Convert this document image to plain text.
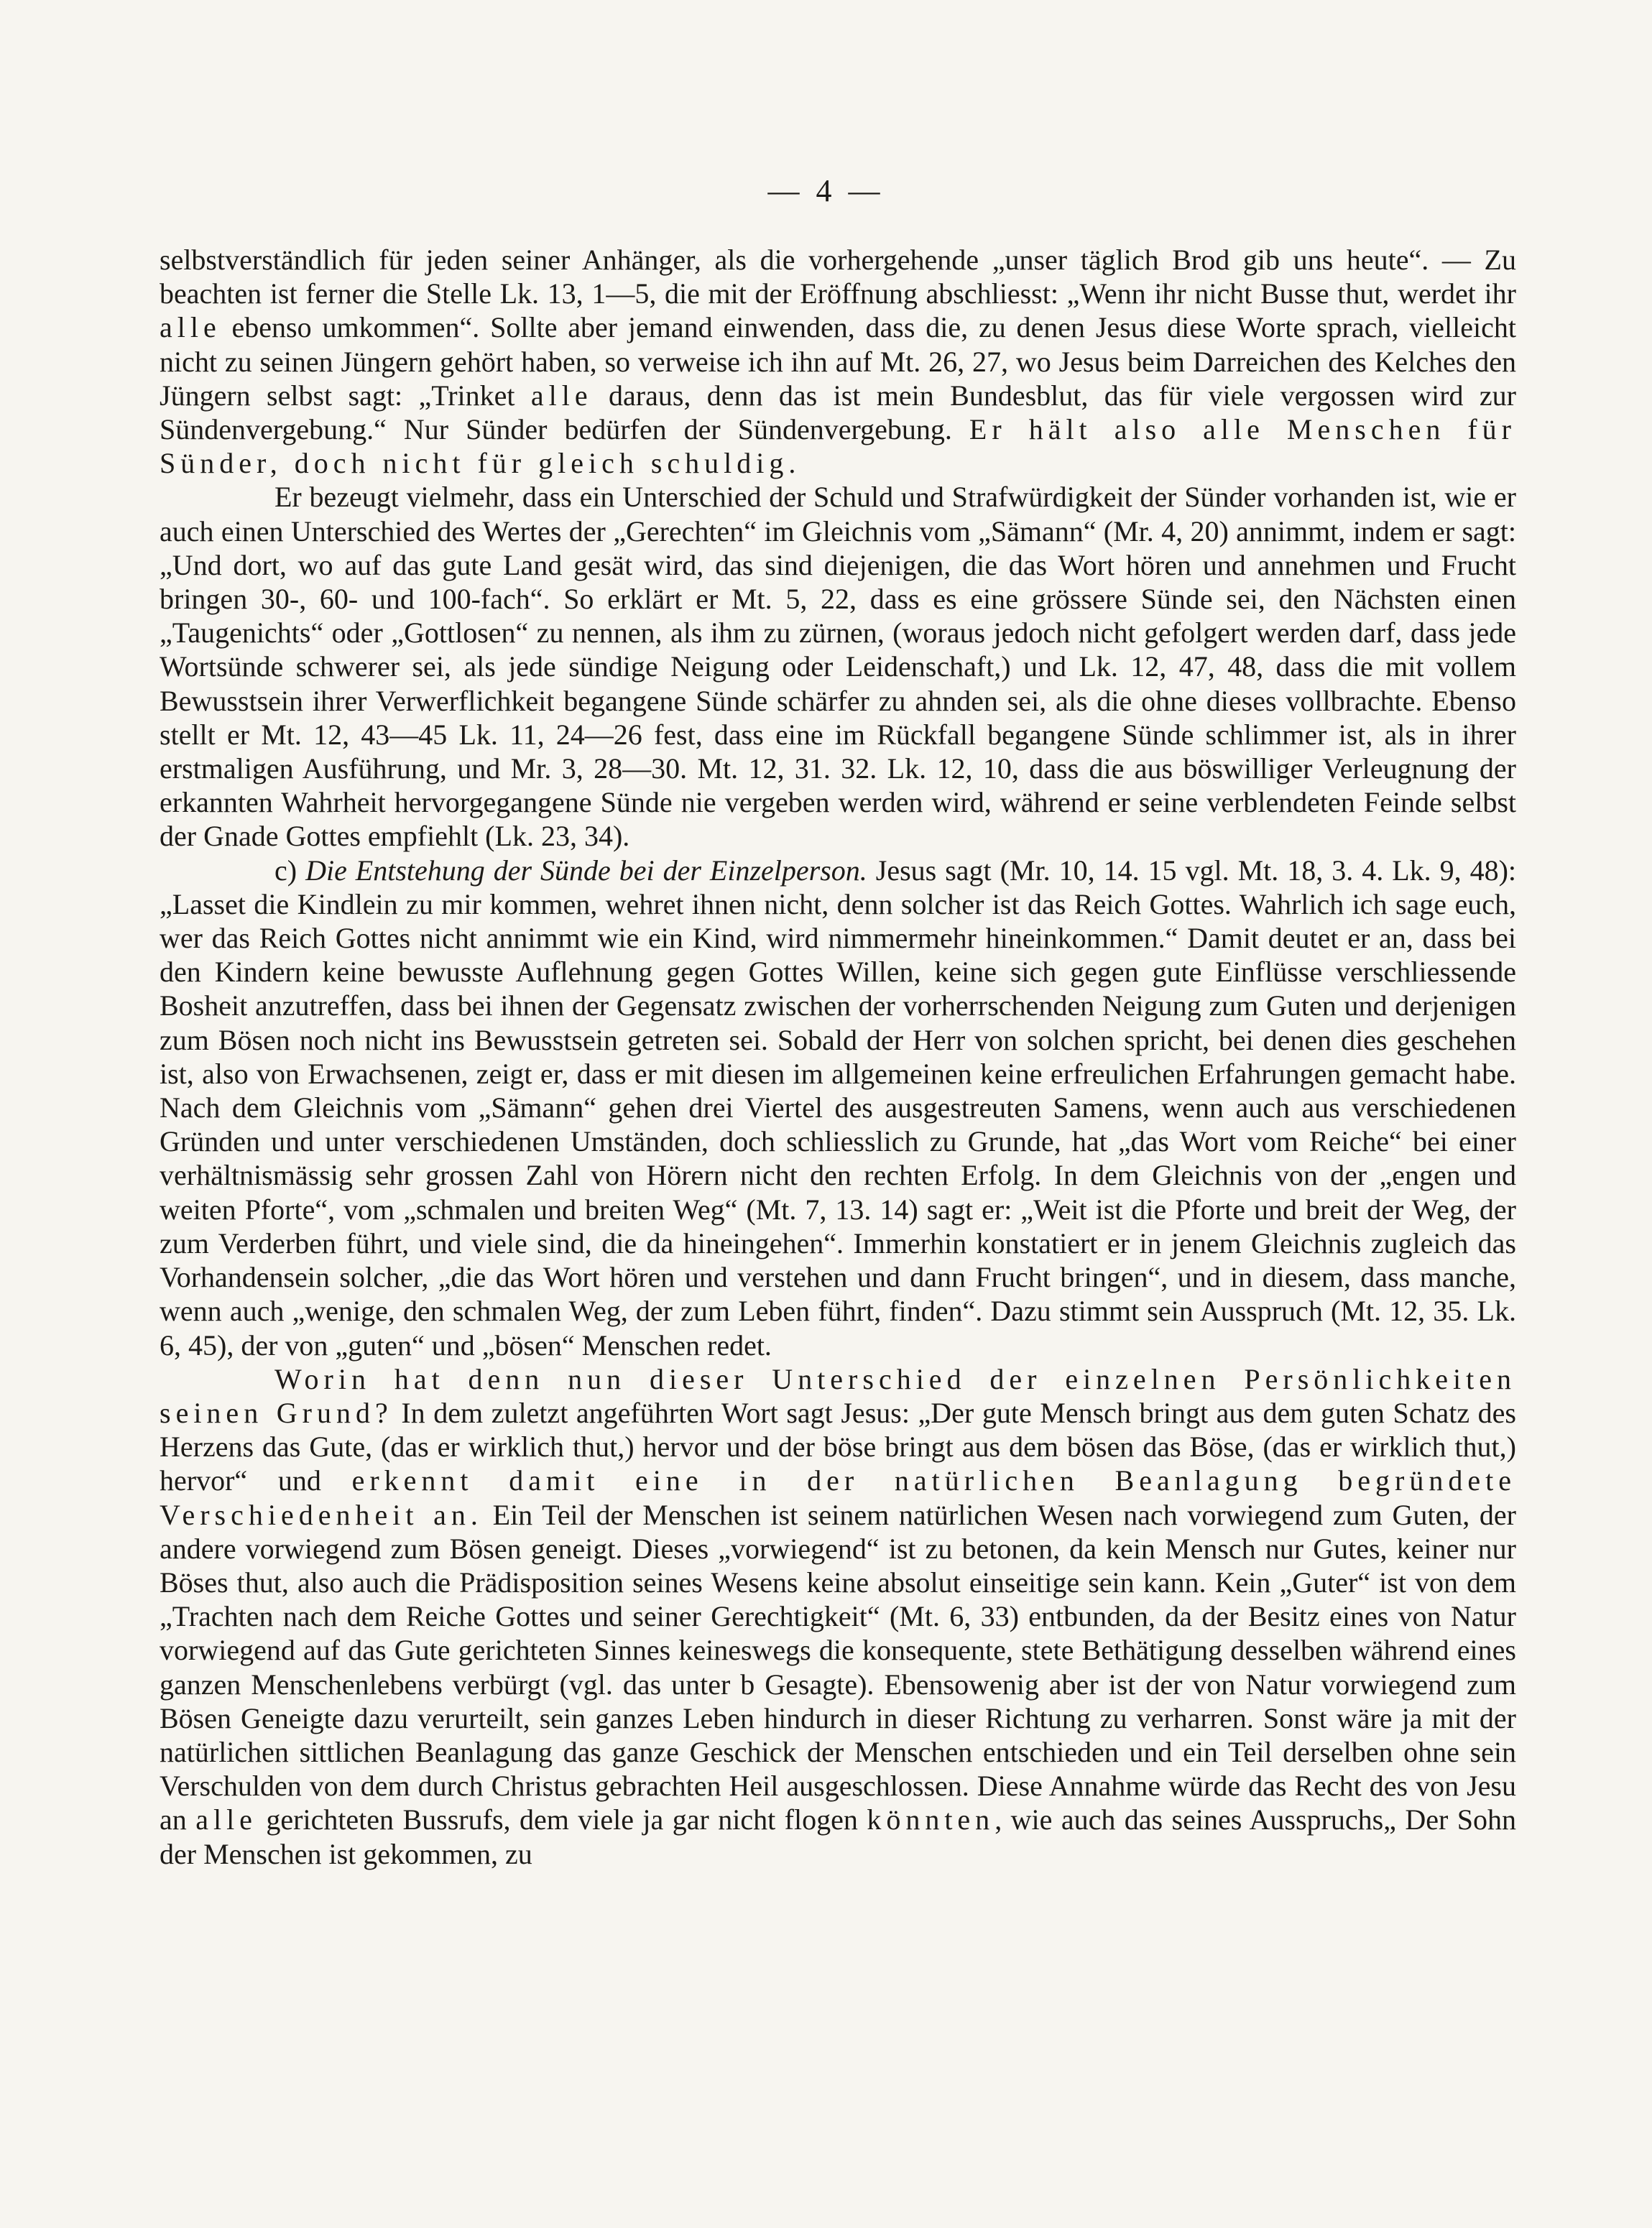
— 4 —

selbstverständlich für jeden seiner Anhänger, als die vorhergehende „unser täglich Brod gib uns heute“. — Zu beachten ist ferner die Stelle Lk. 13, 1—5, die mit der Eröffnung abschliesst: „Wenn ihr nicht Busse thut, werdet ihr alle ebenso umkommen“. Sollte aber jemand einwenden, dass die, zu denen Jesus diese Worte sprach, vielleicht nicht zu seinen Jüngern gehört haben, so verweise ich ihn auf Mt. 26, 27, wo Jesus beim Darreichen des Kelches den Jüngern selbst sagt: „Trinket alle daraus, denn das ist mein Bundesblut, das für viele vergossen wird zur Sündenvergebung.“ Nur Sünder bedürfen der Sündenvergebung. Er hält also alle Menschen für Sünder, doch nicht für gleich schuldig.

Er bezeugt vielmehr, dass ein Unterschied der Schuld und Strafwürdigkeit der Sünder vorhanden ist, wie er auch einen Unterschied des Wertes der „Gerechten“ im Gleichnis vom „Sämann“ (Mr. 4, 20) annimmt, indem er sagt: „Und dort, wo auf das gute Land gesät wird, das sind diejenigen, die das Wort hören und annehmen und Frucht bringen 30-, 60- und 100-fach“. So erklärt er Mt. 5, 22, dass es eine grössere Sünde sei, den Nächsten einen „Taugenichts“ oder „Gottlosen“ zu nennen, als ihm zu zürnen, (woraus jedoch nicht gefolgert werden darf, dass jede Wortsünde schwerer sei, als jede sündige Neigung oder Leidenschaft,) und Lk. 12, 47, 48, dass die mit vollem Bewusstsein ihrer Verwerflichkeit begangene Sünde schärfer zu ahnden sei, als die ohne dieses vollbrachte. Ebenso stellt er Mt. 12, 43—45 Lk. 11, 24—26 fest, dass eine im Rückfall begangene Sünde schlimmer ist, als in ihrer erstmaligen Ausführung, und Mr. 3, 28—30. Mt. 12, 31. 32. Lk. 12, 10, dass die aus böswilliger Verleugnung der erkannten Wahrheit hervorgegangene Sünde nie vergeben werden wird, während er seine verblendeten Feinde selbst der Gnade Gottes empfiehlt (Lk. 23, 34).

c) Die Entstehung der Sünde bei der Einzelperson. Jesus sagt (Mr. 10, 14. 15 vgl. Mt. 18, 3. 4. Lk. 9, 48): „Lasset die Kindlein zu mir kommen, wehret ihnen nicht, denn solcher ist das Reich Gottes. Wahrlich ich sage euch, wer das Reich Gottes nicht annimmt wie ein Kind, wird nimmermehr hineinkommen.“ Damit deutet er an, dass bei den Kindern keine bewusste Auflehnung gegen Gottes Willen, keine sich gegen gute Einflüsse verschliessende Bosheit anzutreffen, dass bei ihnen der Gegensatz zwischen der vorherrschenden Neigung zum Guten und derjenigen zum Bösen noch nicht ins Bewusstsein getreten sei. Sobald der Herr von solchen spricht, bei denen dies geschehen ist, also von Erwachsenen, zeigt er, dass er mit diesen im allgemeinen keine erfreulichen Erfahrungen gemacht habe. Nach dem Gleichnis vom „Sämann“ gehen drei Viertel des ausgestreuten Samens, wenn auch aus verschiedenen Gründen und unter verschiedenen Umständen, doch schliesslich zu Grunde, hat „das Wort vom Reiche“ bei einer verhältnismässig sehr grossen Zahl von Hörern nicht den rechten Erfolg. In dem Gleichnis von der „engen und weiten Pforte“, vom „schmalen und breiten Weg“ (Mt. 7, 13. 14) sagt er: „Weit ist die Pforte und breit der Weg, der zum Verderben führt, und viele sind, die da hineingehen“. Immerhin konstatiert er in jenem Gleichnis zugleich das Vorhandensein solcher, „die das Wort hören und verstehen und dann Frucht bringen“, und in diesem, dass manche, wenn auch „wenige, den schmalen Weg, der zum Leben führt, finden“. Dazu stimmt sein Ausspruch (Mt. 12, 35. Lk. 6, 45), der von „guten“ und „bösen“ Menschen redet.

Worin hat denn nun dieser Unterschied der einzelnen Persönlichkeiten seinen Grund? In dem zuletzt angeführten Wort sagt Jesus: „Der gute Mensch bringt aus dem guten Schatz des Herzens das Gute, (das er wirklich thut,) hervor und der böse bringt aus dem bösen das Böse, (das er wirklich thut,) hervor“ und erkennt damit eine in der natürlichen Beanlagung begründete Verschiedenheit an. Ein Teil der Menschen ist seinem natürlichen Wesen nach vorwiegend zum Guten, der andere vorwiegend zum Bösen geneigt. Dieses „vorwiegend“ ist zu betonen, da kein Mensch nur Gutes, keiner nur Böses thut, also auch die Prädisposition seines Wesens keine absolut einseitige sein kann. Kein „Guter“ ist von dem „Trachten nach dem Reiche Gottes und seiner Gerechtigkeit“ (Mt. 6, 33) entbunden, da der Besitz eines von Natur vorwiegend auf das Gute gerichteten Sinnes keineswegs die konsequente, stete Bethätigung desselben während eines ganzen Menschenlebens verbürgt (vgl. das unter b Gesagte). Ebensowenig aber ist der von Natur vorwiegend zum Bösen Geneigte dazu verurteilt, sein ganzes Leben hindurch in dieser Richtung zu verharren. Sonst wäre ja mit der natürlichen sittlichen Beanlagung das ganze Geschick der Menschen entschieden und ein Teil derselben ohne sein Verschulden von dem durch Christus gebrachten Heil ausgeschlossen. Diese Annahme würde das Recht des von Jesu an alle gerichteten Bussrufs, dem viele ja gar nicht flogen könnten, wie auch das seines Ausspruchs„ Der Sohn der Menschen ist gekommen, zu
